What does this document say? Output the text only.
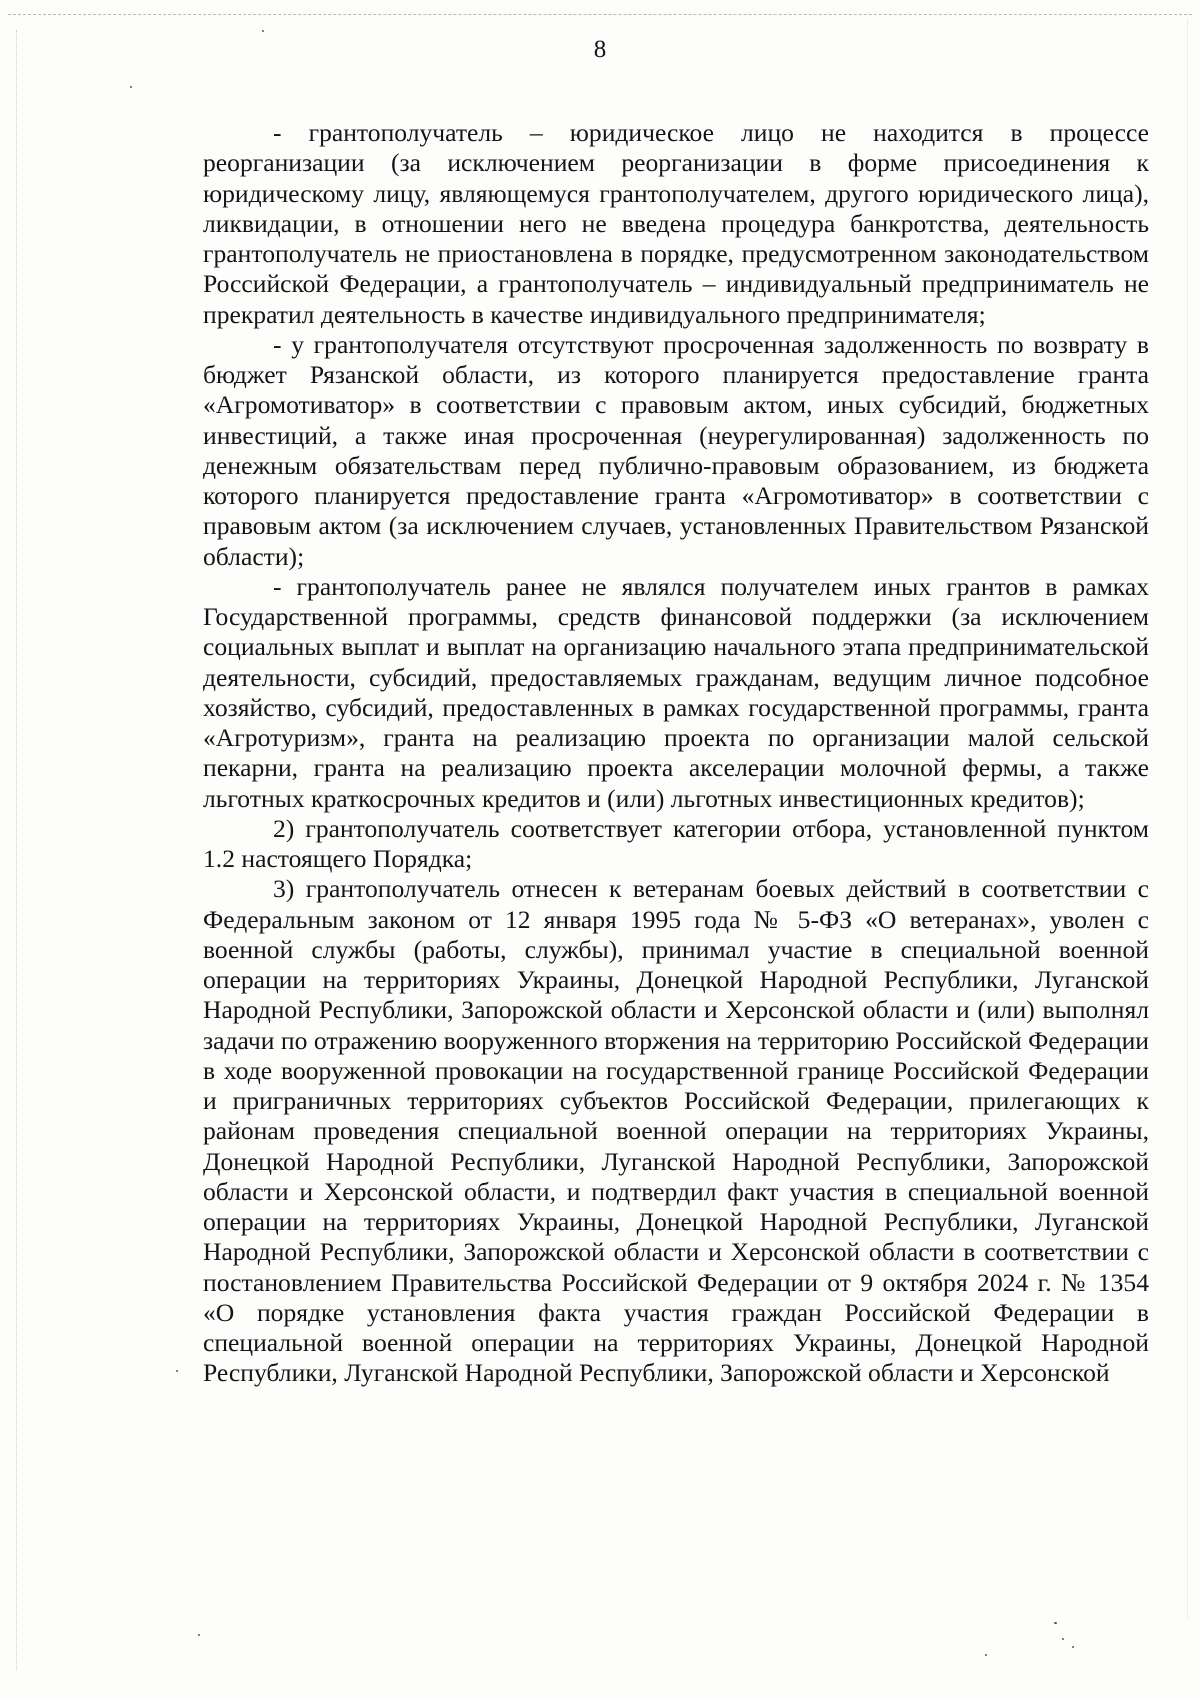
8

- грантополучатель – юридическое лицо не находится в процессе реорганизации (за исключением реорганизации в форме присоединения к юридическому лицу, являющемуся грантополучателем, другого юридического лица), ликвидации, в отношении него не введена процедура банкротства, деятельность грантополучатель не приостановлена в порядке, предусмотренном законодательством Российской Федерации, а грантополучатель – индивидуальный предприниматель не прекратил деятельность в качестве индивидуального предпринимателя;

- у грантополучателя отсутствуют просроченная задолженность по возврату в бюджет Рязанской области, из которого планируется предоставление гранта «Агромотиватор» в соответствии с правовым актом, иных субсидий, бюджетных инвестиций, а также иная просроченная (неурегулированная) задолженность по денежным обязательствам перед публично-правовым образованием, из бюджета которого планируется предоставление гранта «Агромотиватор» в соответствии с правовым актом (за исключением случаев, установленных Правительством Рязанской области);

- грантополучатель ранее не являлся получателем иных грантов в рамках Государственной программы, средств финансовой поддержки (за исключением социальных выплат и выплат на организацию начального этапа предпринимательской деятельности, субсидий, предоставляемых гражданам, ведущим личное подсобное хозяйство, субсидий, предоставленных в рамках государственной программы, гранта «Агротуризм», гранта на реализацию проекта по организации малой сельской пекарни, гранта на реализацию проекта акселерации молочной фермы, а также льготных краткосрочных кредитов и (или) льготных инвестиционных кредитов);

2) грантополучатель соответствует категории отбора, установленной пунктом 1.2 настоящего Порядка;

3) грантополучатель отнесен к ветеранам боевых действий в соответствии с Федеральным законом от 12 января 1995 года № 5-ФЗ «О ветеранах», уволен с военной службы (работы, службы), принимал участие в специальной военной операции на территориях Украины, Донецкой Народной Республики, Луганской Народной Республики, Запорожской области и Херсонской области и (или) выполнял задачи по отражению вооруженного вторжения на территорию Российской Федерации в ходе вооруженной провокации на государственной границе Российской Федерации и приграничных территориях субъектов Российской Федерации, прилегающих к районам проведения специальной военной операции на территориях Украины, Донецкой Народной Республики, Луганской Народной Республики, Запорожской области и Херсонской области, и подтвердил факт участия в специальной военной операции на территориях Украины, Донецкой Народной Республики, Луганской Народной Республики, Запорожской области и Херсонской области в соответствии с постановлением Правительства Российской Федерации от 9 октября 2024 г. № 1354 «О порядке установления факта участия граждан Российской Федерации в специальной военной операции на территориях Украины, Донецкой Народной Республики, Луганской Народной Республики, Запорожской области и Херсонской
